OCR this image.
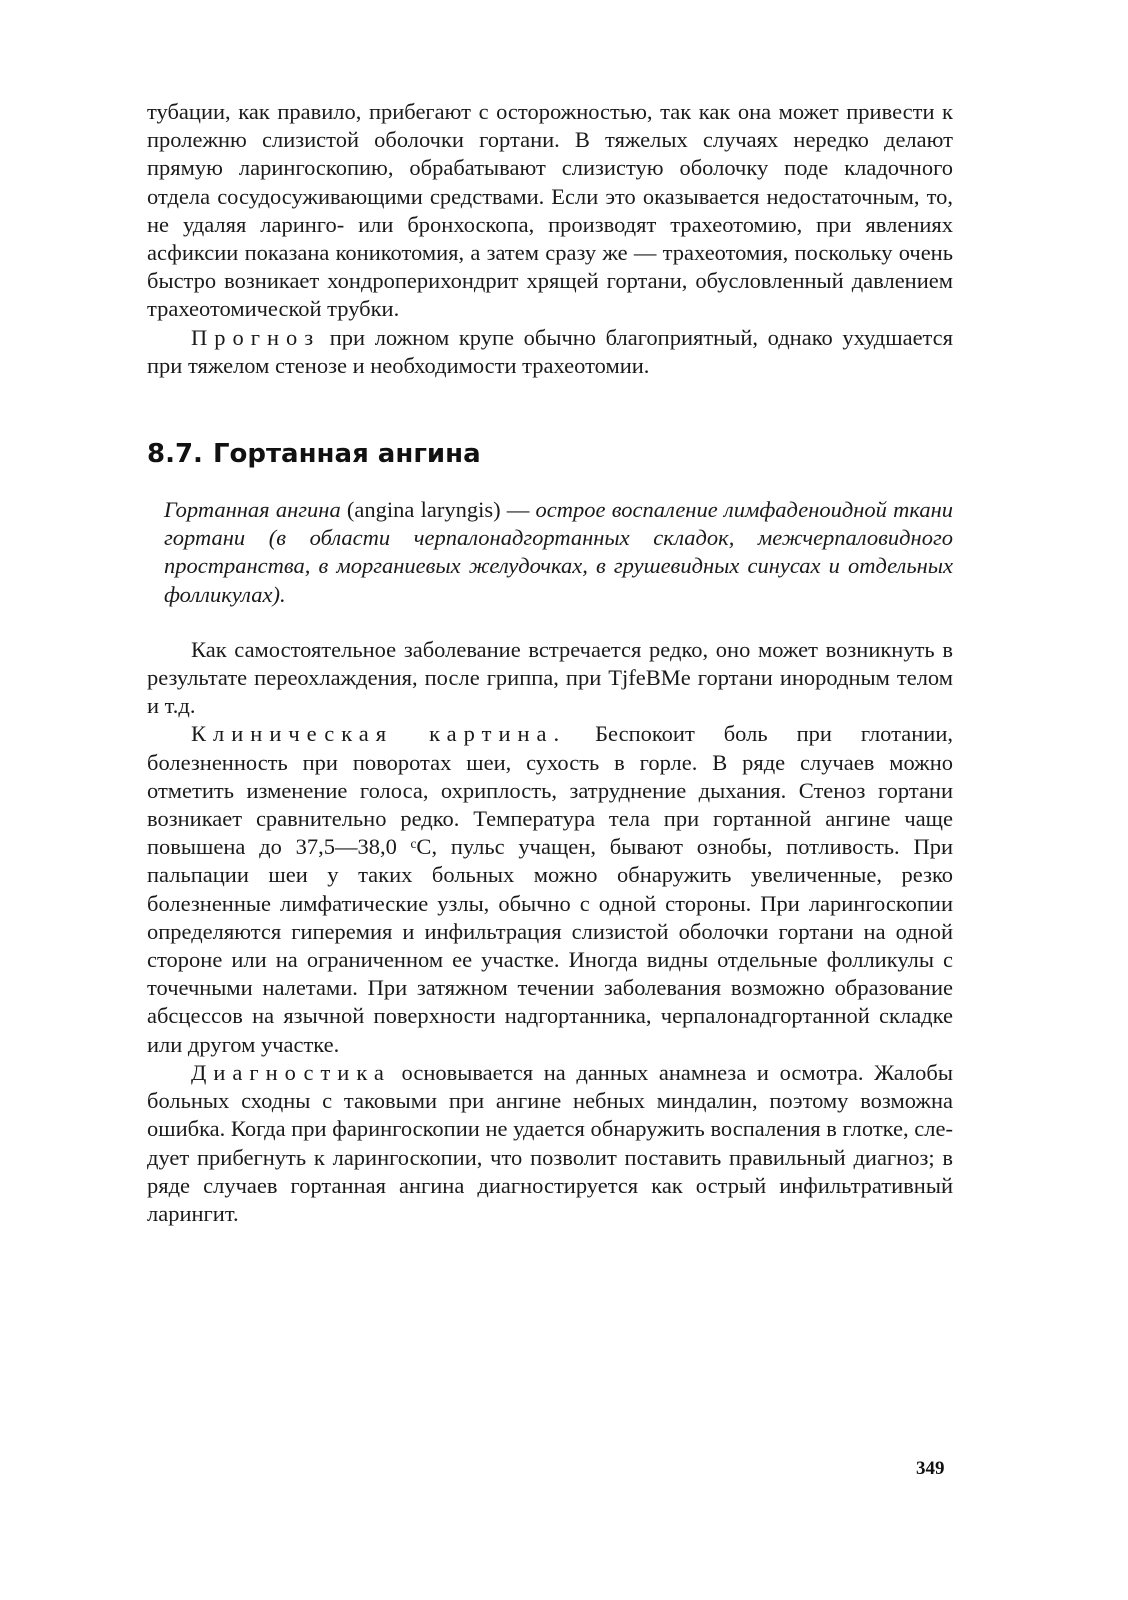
тубации, как правило, прибегают с осторожностью, так как она может привести к пролежню слизистой оболочки гортани. В тяжелых случаях нередко делают прямую ларингоскопию, обрабатывают слизистую оболочку поде кладочного отдела сосудосуживающими средствами. Если это оказывается недостаточным, то, не удаляя ларинго- или бронхоскопа, производят трахеотомию, при явлениях асфиксии показана коникотомия, а затем сразу же — трахеотомия, поскольку очень быстро возникает хондроперихондрит хрящей гортани, обусловленный давлением трахеотомической трубки.

Прогноз при ложном крупе обычно благоприятный, однако ухудшается при тяжелом стенозе и необходимости трахеотомии.

8.7. Гортанная ангина

Гортанная ангина (angina laryngis) — острое воспаление лимфаденоидной ткани гортани (в области черпалонадгортанных складок, межчерпаловидного пространства, в морганиевых желудочках, в грушевидных синусах и отдельных фолликулах).

Как самостоятельное заболевание встречается редко, оно может возникнуть в результате переохлаждения, после гриппа, при TjfeBMe гортани инородным телом и т.д.

Клиническая картина. Беспокоит боль при глотании, болезненность при поворотах шеи, сухость в горле. В ряде случаев можно отметить изменение голоса, охриплость, затруднение дыхания. Стеноз гортани возникает сравнительно редко. Температура тела при гортанной ангине чаще повышена до 37,5—38,0 ᶜC, пульс учащен, бывают ознобы, потливость. При пальпации шеи у таких больных можно обнаружить увеличенные, резко болезненные лимфатические узлы, обычно с одной стороны. При ларингоскопии определяются гиперемия и инфильтрация слизистой оболочки гортани на одной стороне или на ограниченном ее участке. Иногда видны отдельные фолликулы с точечными налетами. При затяжном течении заболевания возможно образование абсцессов на язычной поверхности надгортанника, черпалонадгортанной складке или другом участке.

Диагностика основывается на данных анамнеза и осмотра. Жалобы больных сходны с таковыми при ангине небных миндалин, поэтому возможна ошибка. Когда при фарингоскопии не удается обнаружить воспаления в глотке, следует прибегнуть к ларингоскопии, что позволит поставить правильный диагноз; в ряде случаев гортанная ангина диагностируется как острый инфильтративный ларингит.

349
